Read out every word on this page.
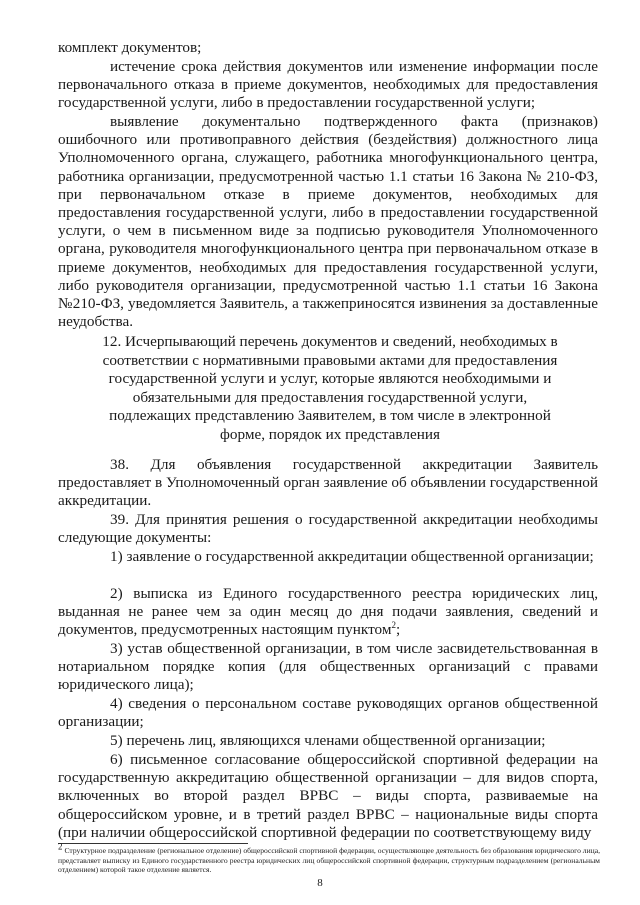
комплект документов;

истечение срока действия документов или изменение информации после первоначального отказа в приеме документов, необходимых для предоставления государственной услуги, либо в предоставлении государственной услуги;

выявление документально подтвержденного факта (признаков) ошибочного или противоправного действия (бездействия) должностного лица Уполномоченного органа, служащего, работника многофункционального центра, работника организации, предусмотренной частью 1.1 статьи 16 Закона № 210-ФЗ, при первоначальном отказе в приеме документов, необходимых для предоставления государственной услуги, либо в предоставлении государственной услуги, о чем в письменном виде за подписью руководителя Уполномоченного органа, руководителя многофункционального центра при первоначальном отказе в приеме документов, необходимых для предоставления государственной услуги, либо руководителя организации, предусмотренной частью 1.1 статьи 16 Закона №210-ФЗ, уведомляется Заявитель, а такжеприносятся извинения за доставленные неудобства.

12. Исчерпывающий перечень документов и сведений, необходимых в соответствии с нормативными правовыми актами для предоставления государственной услуги и услуг, которые являются необходимыми и обязательными для предоставления государственной услуги, подлежащих представлению Заявителем, в том числе в электронной форме, порядок их представления

38. Для объявления государственной аккредитации Заявитель предоставляет в Уполномоченный орган заявление об объявлении государственной аккредитации.

39. Для принятия решения о государственной аккредитации необходимы следующие документы:

1) заявление о государственной аккредитации общественной организации;

2) выписка из Единого государственного реестра юридических лиц, выданная не ранее чем за один месяц до дня подачи заявления, сведений и документов, предусмотренных настоящим пунктом$^2$;

3) устав общественной организации, в том числе засвидетельствованная в нотариальном порядке копия (для общественных организаций с правами юридического лица);

4) сведения о персональном составе руководящих органов общественной организации;

5) перечень лиц, являющихся членами общественной организации;

6) письменное согласование общероссийской спортивной федерации на государственную аккредитацию общественной организации – для видов спорта, включенных во второй раздел ВРВС – виды спорта, развиваемые на общероссийском уровне, и в третий раздел ВРВС – национальные виды спорта (при наличии общероссийской спортивной федерации по соответствующему виду

$^2$ Структурное подразделение (региональное отделение) общероссийской спортивной федерации, осуществляющее деятельность без образования юридического лица, представляет выписку из Единого государственного реестра юридических лиц общероссийской спортивной федерации, структурным подразделением (региональным отделением) которой такое отделение является.

8
